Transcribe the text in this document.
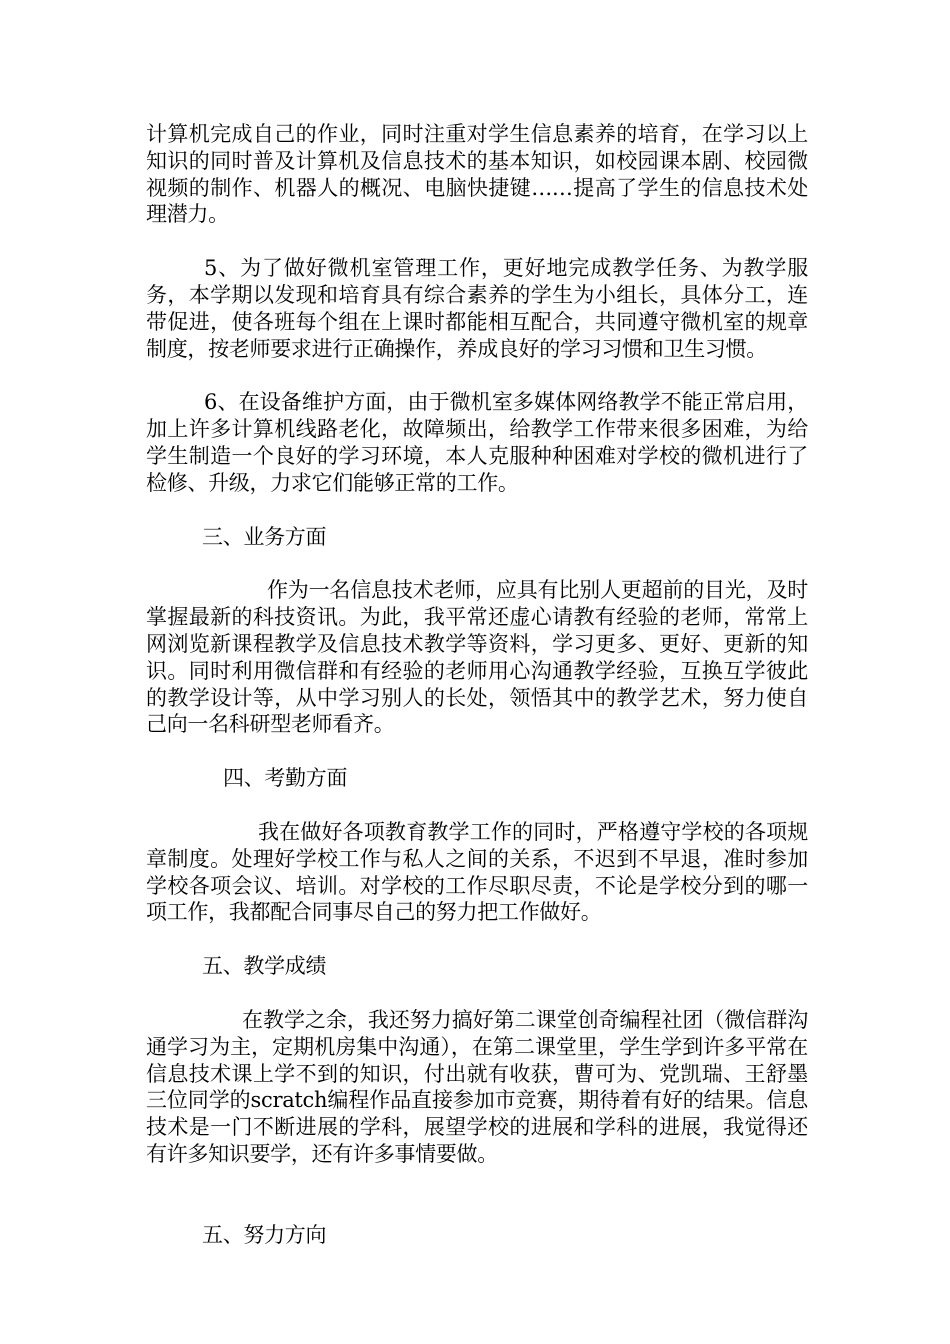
计算机完成自己的作业，同时注重对学生信息素养的培育，在学习以上知识的同时普及计算机及信息技术的基本知识，如校园课本剧、校园微视频的制作、机器人的概况、电脑快捷键……提高了学生的信息技术处理潜力。

5、为了做好微机室管理工作，更好地完成教学任务、为教学服务，本学期以发现和培育具有综合素养的学生为小组长，具体分工，连带促进，使各班每个组在上课时都能相互配合，共同遵守微机室的规章制度，按老师要求进行正确操作，养成良好的学习习惯和卫生习惯。

6、在设备维护方面，由于微机室多媒体网络教学不能正常启用，加上许多计算机线路老化，故障频出，给教学工作带来很多困难，为给学生制造一个良好的学习环境，本人克服种种困难对学校的微机进行了检修、升级，力求它们能够正常的工作。

三、业务方面

作为一名信息技术老师，应具有比别人更超前的目光，及时掌握最新的科技资讯。为此，我平常还虚心请教有经验的老师，常常上网浏览新课程教学及信息技术教学等资料，学习更多、更好、更新的知识。同时利用微信群和有经验的老师用心沟通教学经验，互换互学彼此的教学设计等，从中学习别人的长处，领悟其中的教学艺术，努力使自己向一名科研型老师看齐。

四、考勤方面

我在做好各项教育教学工作的同时，严格遵守学校的各项规章制度。处理好学校工作与私人之间的关系，不迟到不早退，准时参加学校各项会议、培训。对学校的工作尽职尽责，不论是学校分到的哪一项工作，我都配合同事尽自己的努力把工作做好。

五、教学成绩

在教学之余，我还努力搞好第二课堂创奇编程社团（微信群沟通学习为主，定期机房集中沟通），在第二课堂里，学生学到许多平常在信息技术课上学不到的知识，付出就有收获，曹可为、党凯瑞、王舒墨三位同学的scratch编程作品直接参加市竞赛，期待着有好的结果。信息技术是一门不断进展的学科，展望学校的进展和学科的进展，我觉得还有许多知识要学，还有许多事情要做。

五、努力方向
